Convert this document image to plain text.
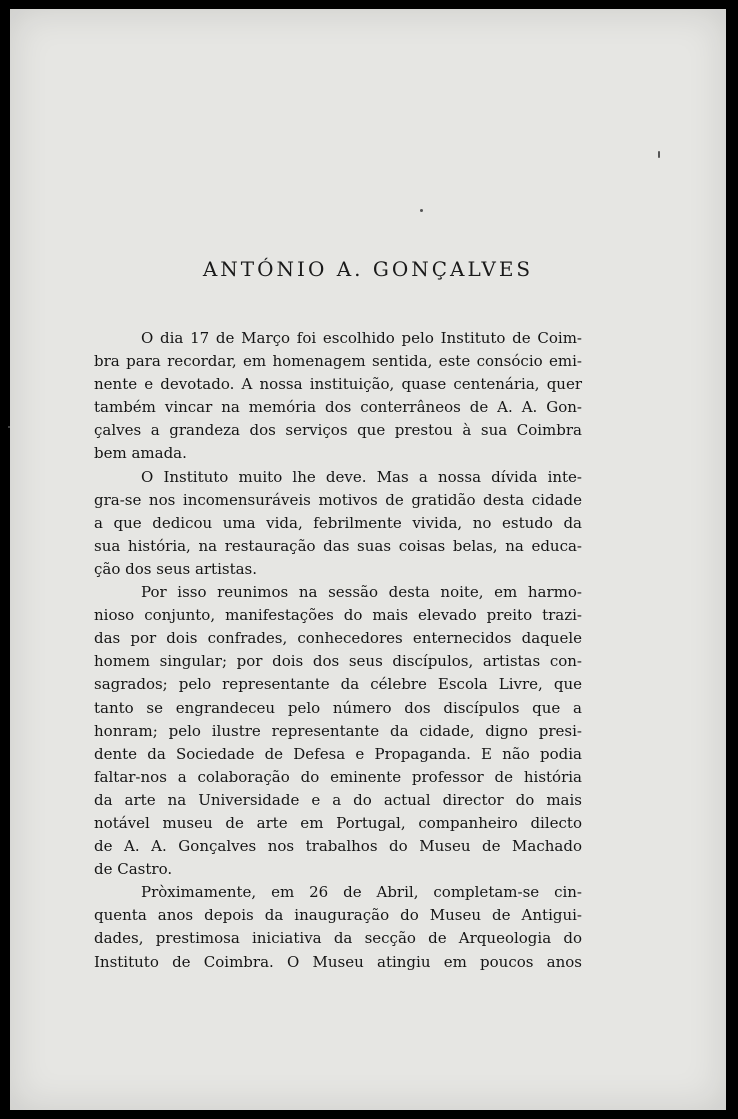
ANTÓNIO A. GONÇALVES

O dia 17 de Março foi escolhido pelo Instituto de Coim-
bra para recordar, em homenagem sentida, este consócio emi-
nente e devotado. A nossa instituição, quase centenária, quer
também vincar na memória dos conterrâneos de A. A. Gon-
çalves a grandeza dos serviços que prestou à sua Coimbra
bem amada.

O Instituto muito lhe deve. Mas a nossa dívida inte-
gra-se nos incomensuráveis motivos de gratidão desta cidade
a que dedicou uma vida, febrilmente vivida, no estudo da
sua história, na restauração das suas coisas belas, na educa-
ção dos seus artistas.

Por isso reunimos na sessão desta noite, em harmo-
nioso conjunto, manifestações do mais elevado preito trazi-
das por dois confrades, conhecedores enternecidos daquele
homem singular; por dois dos seus discípulos, artistas con-
sagrados; pelo representante da célebre Escola Livre, que
tanto se engrandeceu pelo número dos discípulos que a
honram; pelo ilustre representante da cidade, digno presi-
dente da Sociedade de Defesa e Propaganda. E não podia
faltar-nos a colaboração do eminente professor de história
da arte na Universidade e a do actual director do mais
notável museu de arte em Portugal, companheiro dilecto
de A. A. Gonçalves nos trabalhos do Museu de Machado
de Castro.

Pròximamente, em 26 de Abril, completam-se cin-
quenta anos depois da inauguração do Museu de Antigui-
dades, prestimosa iniciativa da secção de Arqueologia do
Instituto de Coimbra. O Museu atingiu em poucos anos
